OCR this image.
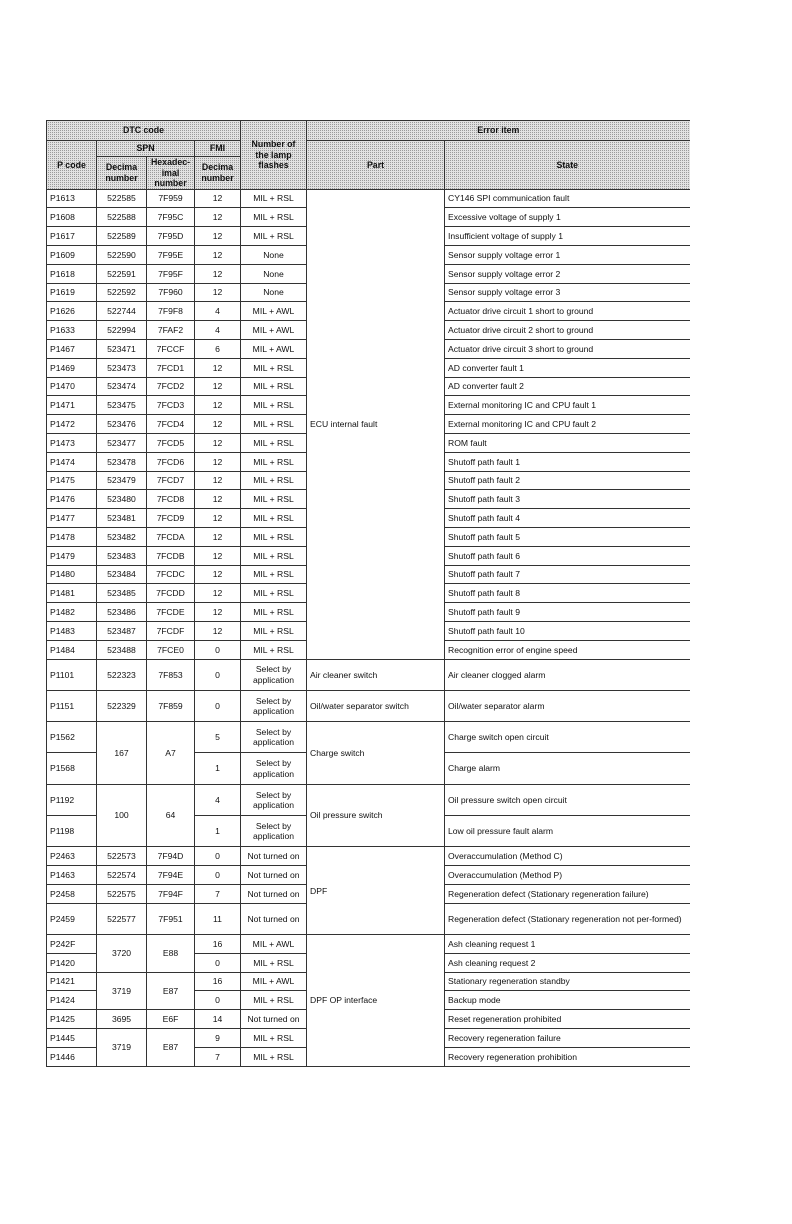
DTC code				Number of the lamp flashes	Error item	
P code	SPN		FMI		Part	State
	Decima number	Hexadec-imal number	Decima number			
P1613	522585	7F959	12	MIL + RSL	ECU internal fault	CY146 SPI communication fault
P1608	522588	7F95C	12	MIL + RSL		Excessive voltage of supply 1
P1617	522589	7F95D	12	MIL + RSL		Insufficient voltage of supply 1
P1609	522590	7F95E	12	None		Sensor supply voltage error 1
P1618	522591	7F95F	12	None		Sensor supply voltage error 2
P1619	522592	7F960	12	None		Sensor supply voltage error 3
P1626	522744	7F9F8	4	MIL + AWL		Actuator drive circuit 1 short to ground
P1633	522994	7FAF2	4	MIL + AWL		Actuator drive circuit 2 short to ground
P1467	523471	7FCCF	6	MIL + AWL		Actuator drive circuit 3 short to ground
P1469	523473	7FCD1	12	MIL + RSL		AD converter fault 1
P1470	523474	7FCD2	12	MIL + RSL		AD converter fault 2
P1471	523475	7FCD3	12	MIL + RSL		External monitoring IC and CPU fault 1
P1472	523476	7FCD4	12	MIL + RSL		External monitoring IC and CPU fault 2
P1473	523477	7FCD5	12	MIL + RSL		ROM fault
P1474	523478	7FCD6	12	MIL + RSL		Shutoff path fault 1
P1475	523479	7FCD7	12	MIL + RSL		Shutoff path fault 2
P1476	523480	7FCD8	12	MIL + RSL		Shutoff path fault 3
P1477	523481	7FCD9	12	MIL + RSL		Shutoff path fault 4
P1478	523482	7FCDA	12	MIL + RSL		Shutoff path fault 5
P1479	523483	7FCDB	12	MIL + RSL		Shutoff path fault 6
P1480	523484	7FCDC	12	MIL + RSL		Shutoff path fault 7
P1481	523485	7FCDD	12	MIL + RSL		Shutoff path fault 8
P1482	523486	7FCDE	12	MIL + RSL		Shutoff path fault 9
P1483	523487	7FCDF	12	MIL + RSL		Shutoff path fault 10
P1484	523488	7FCE0	0	MIL + RSL		Recognition error of engine speed
P1101	522323	7F853	0	Select by application	Air cleaner switch	Air cleaner clogged alarm
P1151	522329	7F859	0	Select by application	Oil/water separator switch	Oil/water separator alarm
P1562	167	A7	5	Select by application	Charge switch	Charge switch open circuit
P1568			1	Select by application		Charge alarm
P1192	100	64	4	Select by application	Oil pressure switch	Oil pressure switch open circuit
P1198			1	Select by application		Low oil pressure fault alarm
P2463	522573	7F94D	0	Not turned on	DPF	Overaccumulation (Method C)
P1463	522574	7F94E	0	Not turned on		Overaccumulation (Method P)
P2458	522575	7F94F	7	Not turned on		Regeneration defect (Stationary regeneration failure)
P2459	522577	7F951	11	Not turned on		Regeneration defect (Stationary regeneration not per-formed)
P242F	3720	E88	16	MIL + AWL	DPF OP interface	Ash cleaning request 1
P1420			0	MIL + RSL		Ash cleaning request 2
P1421	3719	E87	16	MIL + AWL		Stationary regeneration standby
P1424			0	MIL + RSL		Backup mode
P1425	3695	E6F	14	Not turned on		Reset regeneration prohibited
P1445	3719	E87	9	MIL + RSL		Recovery regeneration failure
P1446			7	MIL + RSL		Recovery regeneration prohibition
